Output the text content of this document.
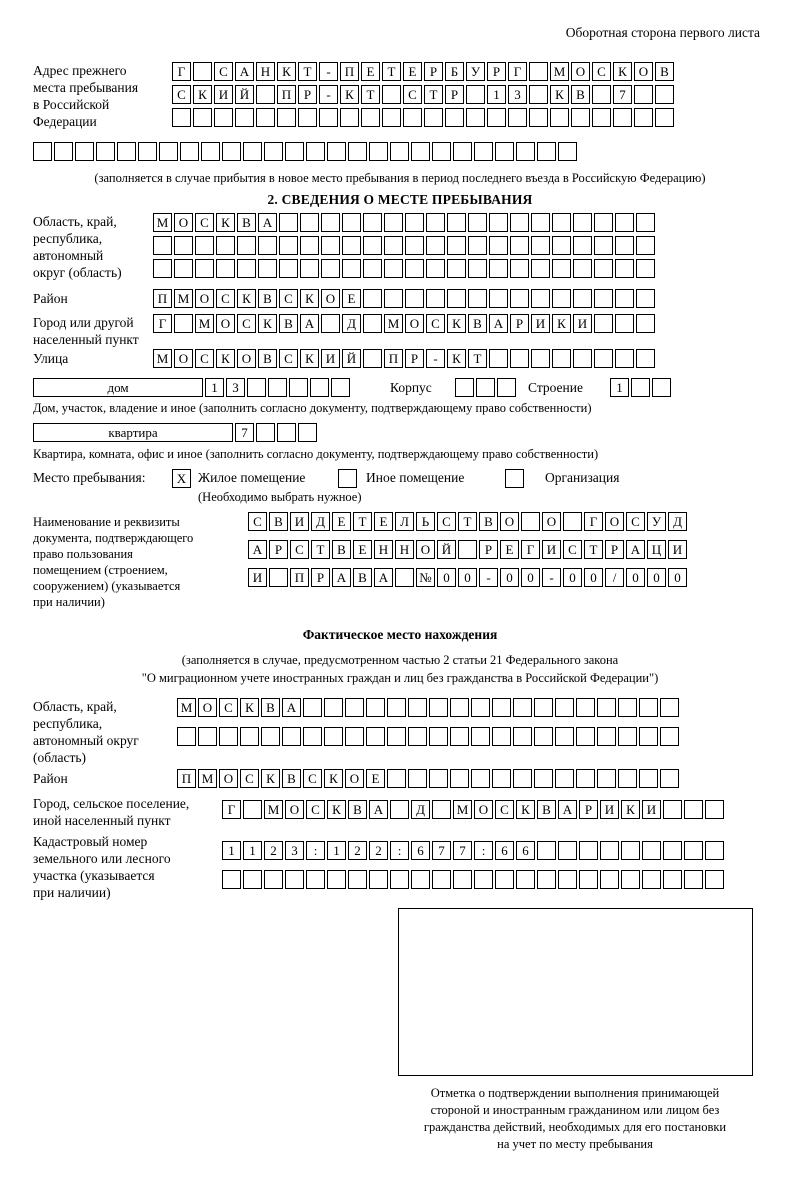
Оборотная сторона первого листа
Адрес прежнего
места пребывания
в Российской
Федерации
Г	С А Н К Т	-	П Е	Т	Е	Р	Б У Р	Г	М О С К О В
С К И Й	П Р	-	К Т	С Т	Р	1	3	К В	7
(заполняется в случае прибытия в новое место пребывания в период последнего въезда в Российскую Федерацию)
2. СВЕДЕНИЯ О МЕСТЕ ПРЕБЫВАНИЯ
Область, край,
республика,
автономный
округ (область)
М О С К В А
Район	П М О С К В С К О Е
Город или другой
населенный пункт
Г	М О С К В А	Д	М О С К В А Р И К И
Улица	М О С К О В С К И Й	П Р	-	К Т
дом	1	3	Корпус	Строение	1
Дом, участок, владение и иное (заполнить согласно документу, подтверждающему право собственности)
квартира	7
Квартира, комната, офис и иное (заполнить согласно документу, подтверждающему право собственности)
Место пребывания:	X Жилое помещение	Иное помещение	Организация
(Необходимо выбрать нужное)
Наименование и реквизиты
документа, подтверждающего
право пользования
помещением (строением,
сооружением) (указывается
при наличии)
С В И Д Е	Т	Е Л Ь С Т В О	О	Г О С У Д
А Р	С Т В Е Н Н О Й	Р	Е	Г И С Т	Р А Ц И
И	П Р А В А	№ 0	0	-	0	0	-	0	0	/	0	0	0
Фактическое место нахождения
(заполняется в случае, предусмотренном частью 2 статьи 21 Федерального закона
"О миграционном учете иностранных граждан и лиц без гражданства в Российской Федерации")
Область, край,
республика,
автономный округ
(область)
М О С К В А
Район	П М О С К В С К О Е
Город, сельское поселение,
иной населенный пункт
Г	М О С К В А	Д	М О С К В А Р И К И
Кадастровый номер
земельного или лесного
участка (указывается
при наличии)
1	1	2	3	:	1	2	2	:	6	7	7	:	6	6
Отметка о подтверждении выполнения принимающей
стороной и иностранным гражданином или лицом без
гражданства действий, необходимых для его постановки
на учет по месту пребывания
